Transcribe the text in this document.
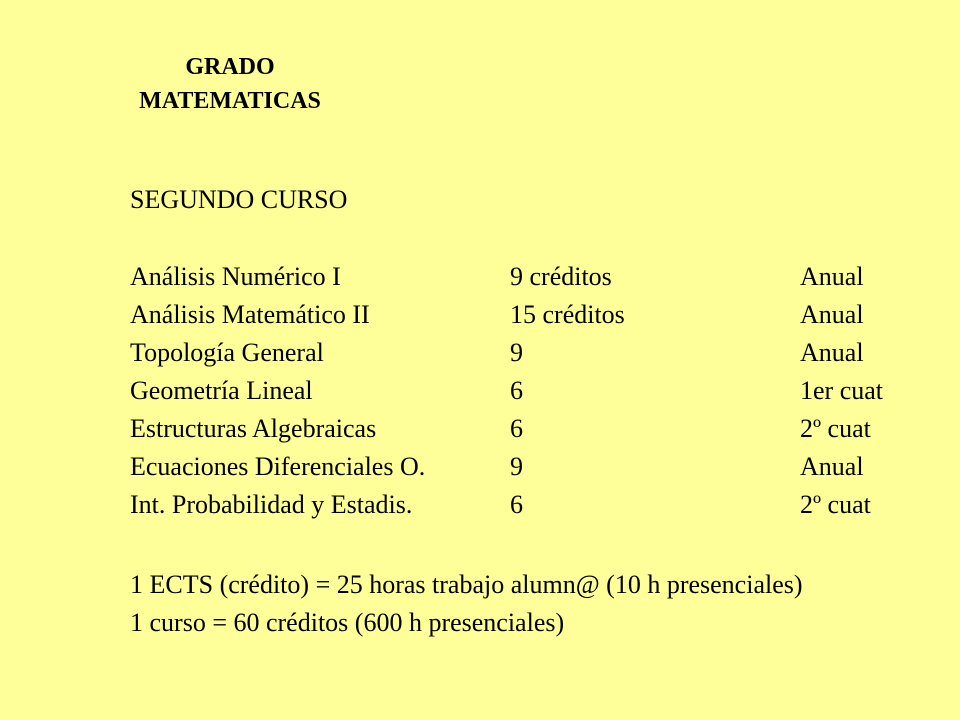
GRADO
MATEMATICAS
SEGUNDO CURSO
Análisis Numérico I	9 créditos	Anual
Análisis Matemático II	15 créditos	Anual
Topología General	9	Anual
Geometría Lineal	6	1er cuat
Estructuras Algebraicas	6	2º cuat
Ecuaciones Diferenciales O.	9	Anual
Int. Probabilidad y Estadis.	6	2º cuat
1 ECTS (crédito) = 25 horas trabajo alumn@ (10 h presenciales)
1 curso = 60 créditos (600 h presenciales)
